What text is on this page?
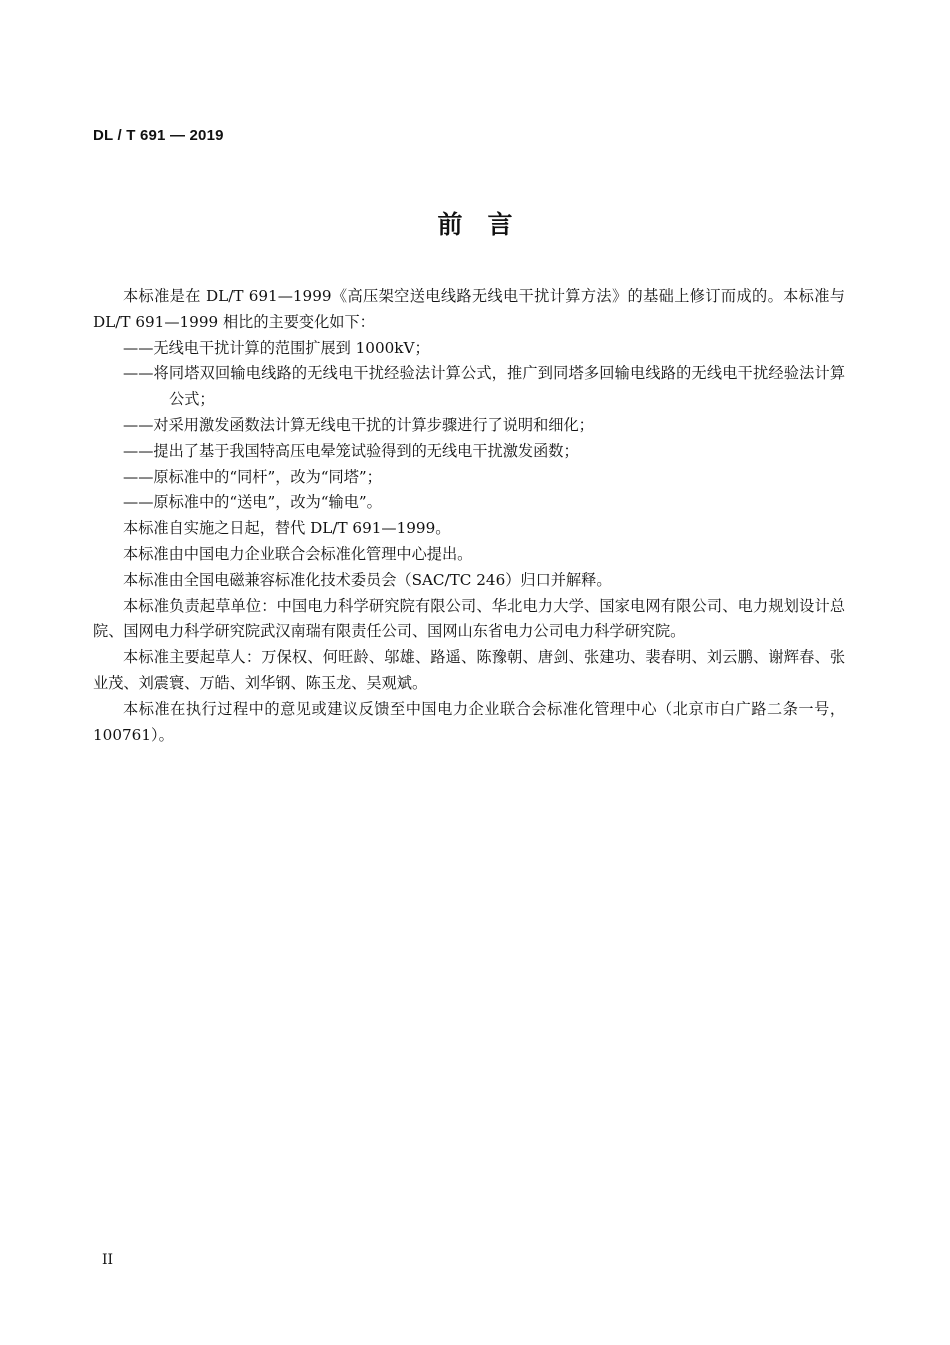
DL / T 691 — 2019
前　言
本标准是在 DL/T 691—1999《高压架空送电线路无线电干扰计算方法》的基础上修订而成的。本标准与 DL/T 691—1999 相比的主要变化如下：
——无线电干扰计算的范围扩展到 1000kV；
——将同塔双回输电线路的无线电干扰经验法计算公式，推广到同塔多回输电线路的无线电干扰经验法计算公式；
——对采用激发函数法计算无线电干扰的计算步骤进行了说明和细化；
——提出了基于我国特高压电晕笼试验得到的无线电干扰激发函数；
——原标准中的“同杆”，改为“同塔”；
——原标准中的“送电”，改为“输电”。
本标准自实施之日起，替代 DL/T 691—1999。
本标准由中国电力企业联合会标准化管理中心提出。
本标准由全国电磁兼容标准化技术委员会（SAC/TC 246）归口并解释。
本标准负责起草单位：中国电力科学研究院有限公司、华北电力大学、国家电网有限公司、电力规划设计总院、国网电力科学研究院武汉南瑞有限责任公司、国网山东省电力公司电力科学研究院。
本标准主要起草人：万保权、何旺龄、邬雄、路遥、陈豫朝、唐剑、张建功、裴春明、刘云鹏、谢辉春、张业茂、刘震寰、万皓、刘华钢、陈玉龙、吴观斌。
本标准在执行过程中的意见或建议反馈至中国电力企业联合会标准化管理中心（北京市白广路二条一号，100761）。
II
